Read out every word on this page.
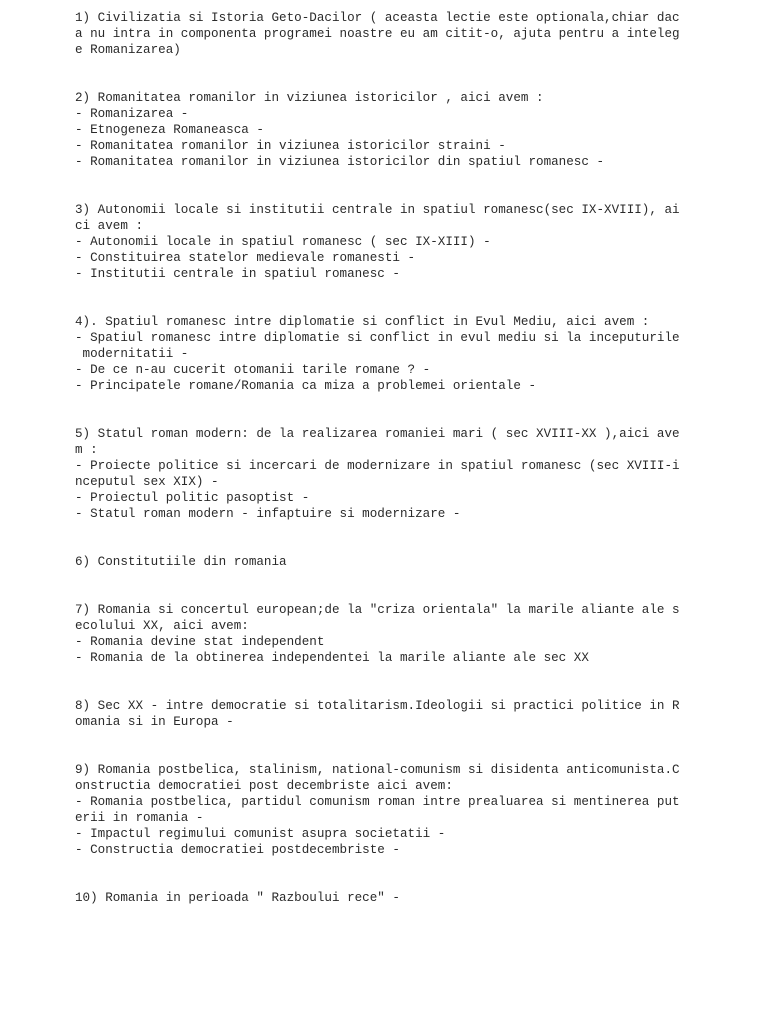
1) Civilizatia si Istoria Geto-Dacilor ( aceasta lectie este optionala,chiar dac
a nu intra in componenta programei noastre eu am citit-o, ajuta pentru a inteleg
e Romanizarea)
2) Romanitatea romanilor in viziunea istoricilor , aici avem :
- Romanizarea -
- Etnogeneza Romaneasca -
- Romanitatea romanilor in viziunea istoricilor straini -
- Romanitatea romanilor in viziunea istoricilor din spatiul romanesc -
3) Autonomii locale si institutii centrale in spatiul romanesc(sec IX-XVIII), ai
ci avem :
- Autonomii locale in spatiul romanesc ( sec IX-XIII) -
- Constituirea statelor medievale romanesti -
- Institutii centrale in spatiul romanesc -
4). Spatiul romanesc intre diplomatie si conflict in Evul Mediu, aici avem :
- Spatiul romanesc intre diplomatie si conflict in evul mediu si la inceputurile
modernitatii -
- De ce n-au cucerit otomanii tarile romane ? -
- Principatele romane/Romania ca miza a problemei orientale -
5) Statul roman modern: de la realizarea romaniei mari ( sec XVIII-XX ),aici ave
m :
- Proiecte politice si incercari de modernizare in spatiul romanesc (sec XVIII-i
nceputul sex XIX) -
- Proiectul politic pasoptist -
- Statul roman modern - infaptuire si modernizare -
6) Constitutiile din romania
7) Romania si concertul european;de la "criza orientala" la marile aliante ale s
ecolului XX, aici avem:
- Romania devine stat independent
- Romania de la obtinerea independentei la marile aliante ale sec XX
8) Sec XX - intre democratie si totalitarism.Ideologii si practici politice in R
omania si in Europa -
9) Romania postbelica, stalinism, national-comunism si disidenta anticomunista.C
onstructia democratiei post decembriste aici avem:
- Romania postbelica, partidul comunism roman intre prealuarea si mentinerea put
erii in romania -
- Impactul regimului comunist asupra societatii -
- Constructia democratiei postdecembriste -
10) Romania in perioada " Razboului rece" -
